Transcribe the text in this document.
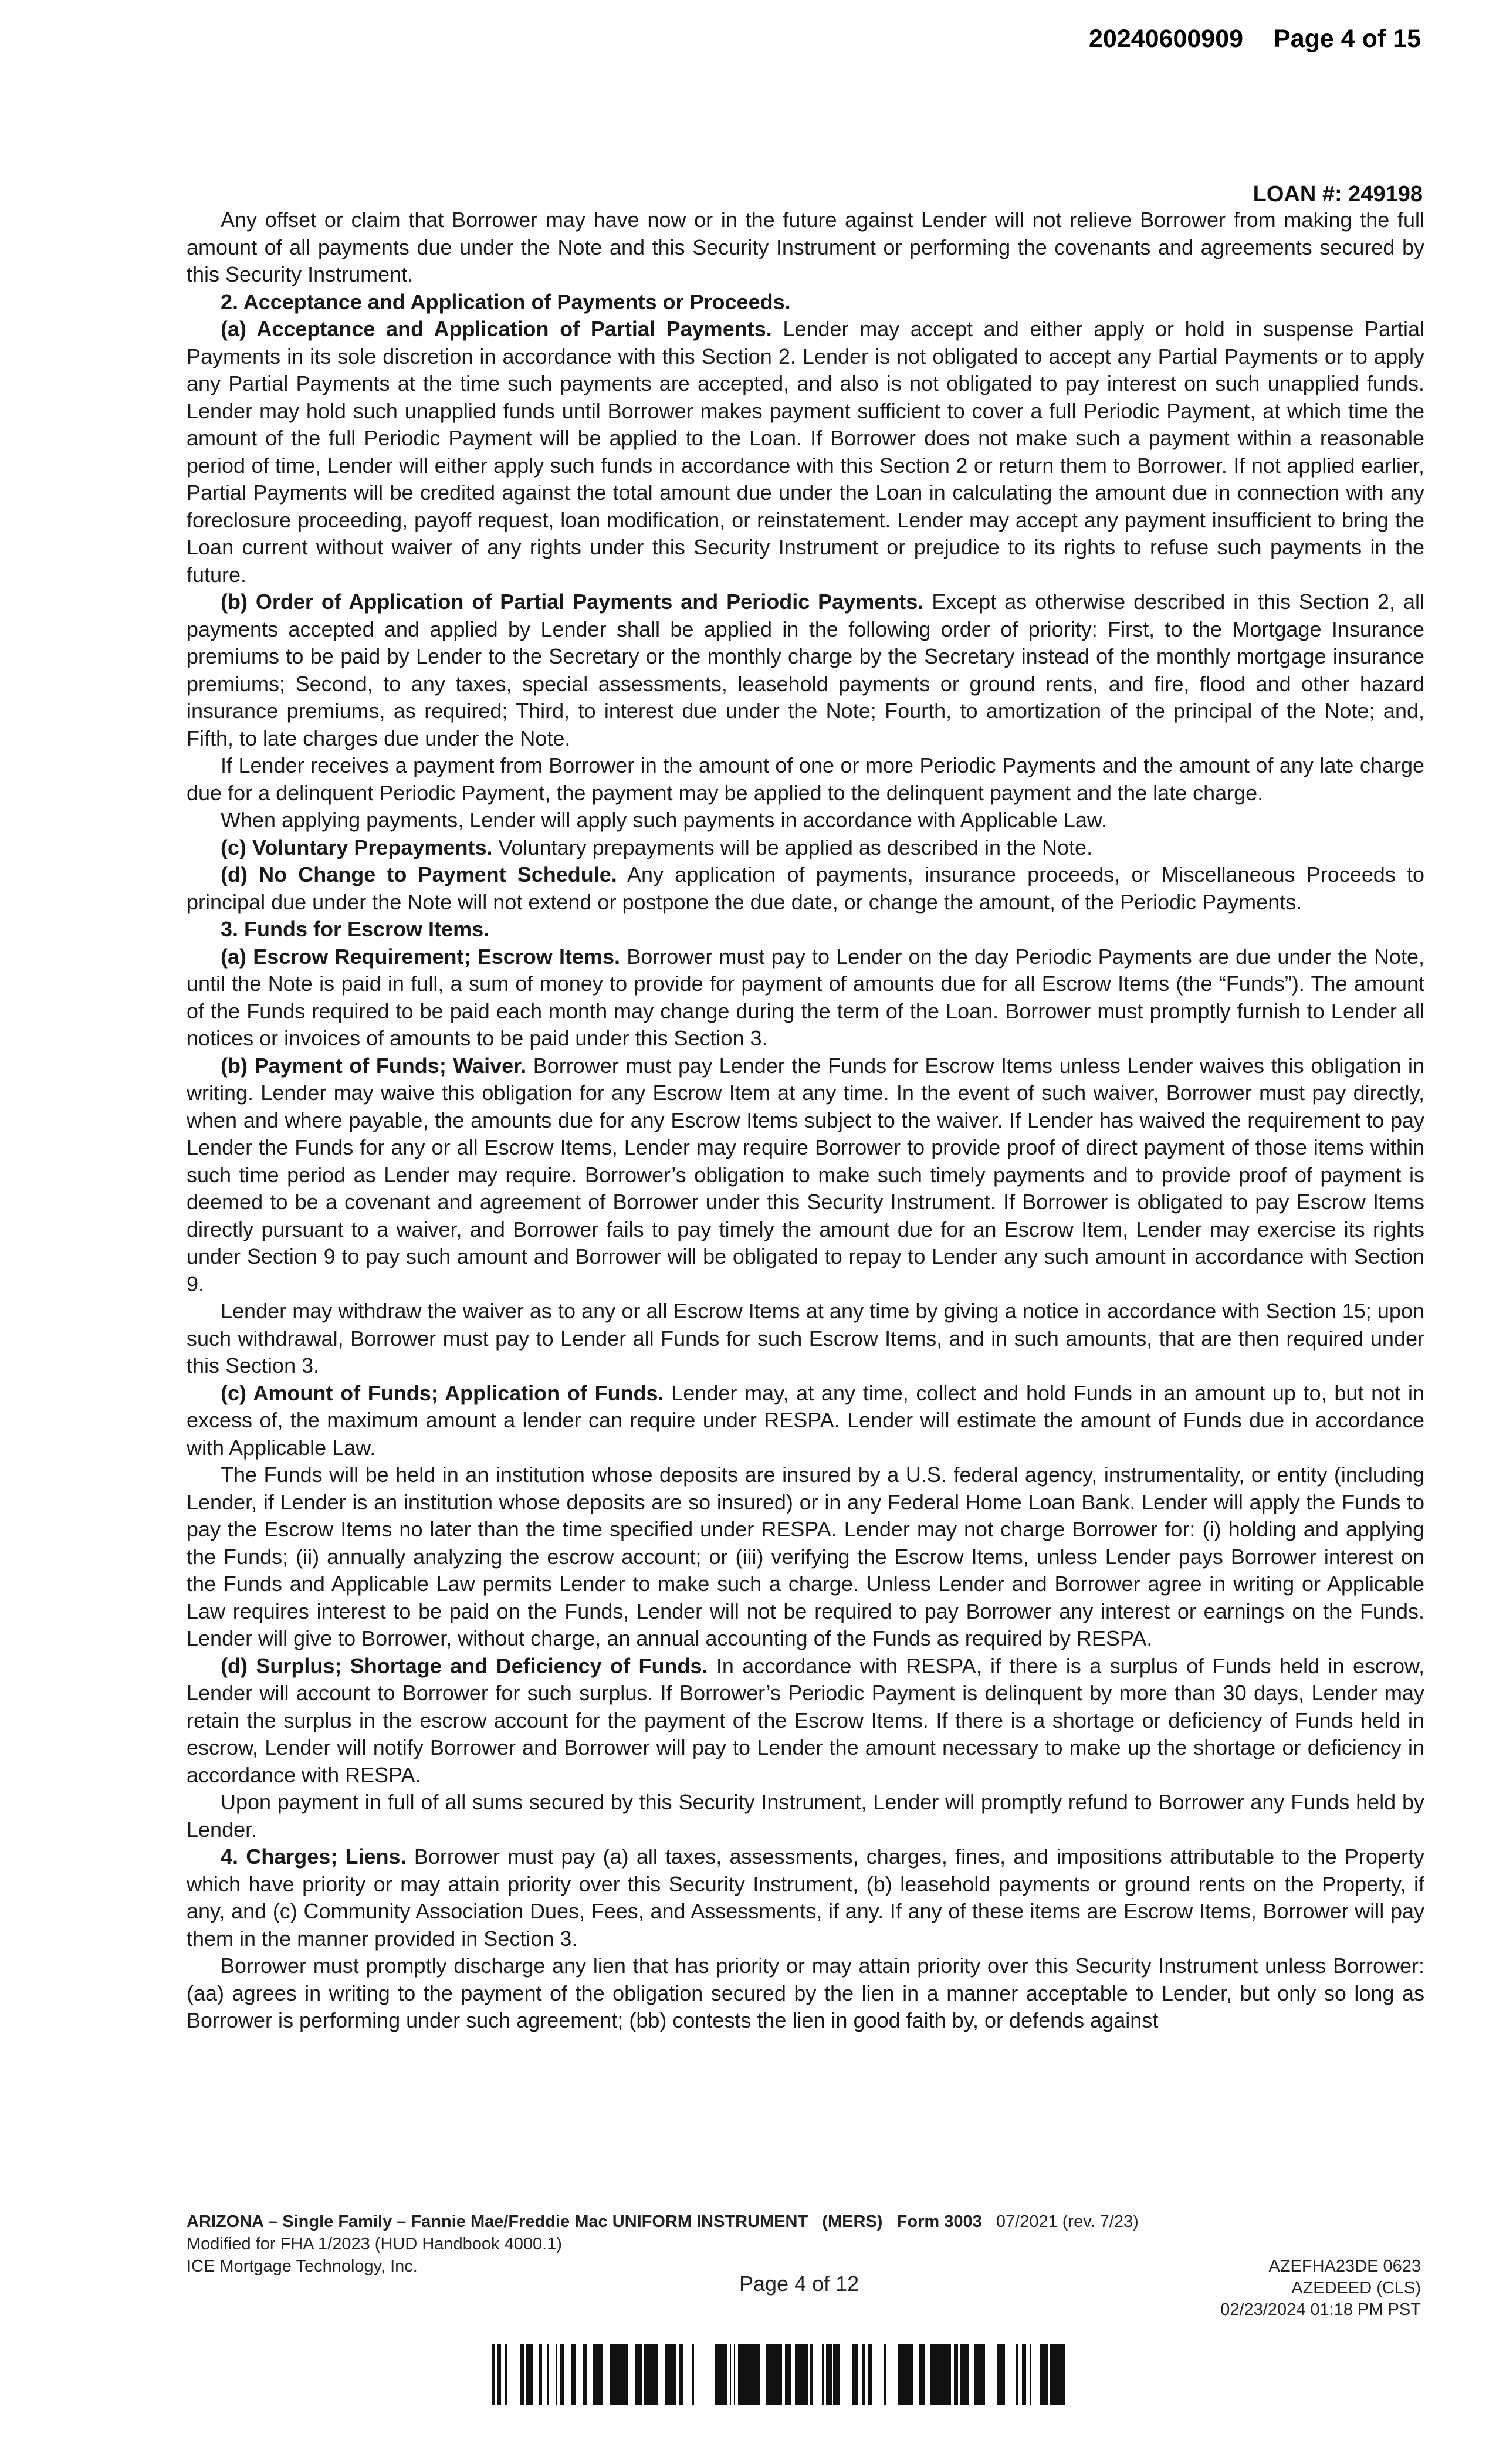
20240600909 Page 4 of 15
LOAN #: 249198

Any offset or claim that Borrower may have now or in the future against Lender will not relieve Borrower from making the full amount of all payments due under the Note and this Security Instrument or performing the covenants and agreements secured by this Security Instrument.

2. Acceptance and Application of Payments or Proceeds.

(a) Acceptance and Application of Partial Payments. Lender may accept and either apply or hold in suspense Partial Payments in its sole discretion in accordance with this Section 2. Lender is not obligated to accept any Partial Payments or to apply any Partial Payments at the time such payments are accepted, and also is not obligated to pay interest on such unapplied funds. Lender may hold such unapplied funds until Borrower makes payment sufficient to cover a full Periodic Payment, at which time the amount of the full Periodic Payment will be applied to the Loan. If Borrower does not make such a payment within a reasonable period of time, Lender will either apply such funds in accordance with this Section 2 or return them to Borrower. If not applied earlier, Partial Payments will be credited against the total amount due under the Loan in calculating the amount due in connection with any foreclosure proceeding, payoff request, loan modification, or reinstatement. Lender may accept any payment insufficient to bring the Loan current without waiver of any rights under this Security Instrument or prejudice to its rights to refuse such payments in the future.

(b) Order of Application of Partial Payments and Periodic Payments. Except as otherwise described in this Section 2, all payments accepted and applied by Lender shall be applied in the following order of priority: First, to the Mortgage Insurance premiums to be paid by Lender to the Secretary or the monthly charge by the Secretary instead of the monthly mortgage insurance premiums; Second, to any taxes, special assessments, leasehold payments or ground rents, and fire, flood and other hazard insurance premiums, as required; Third, to interest due under the Note; Fourth, to amortization of the principal of the Note; and, Fifth, to late charges due under the Note.

If Lender receives a payment from Borrower in the amount of one or more Periodic Payments and the amount of any late charge due for a delinquent Periodic Payment, the payment may be applied to the delinquent payment and the late charge.

When applying payments, Lender will apply such payments in accordance with Applicable Law.

(c) Voluntary Prepayments. Voluntary prepayments will be applied as described in the Note.

(d) No Change to Payment Schedule. Any application of payments, insurance proceeds, or Miscellaneous Proceeds to principal due under the Note will not extend or postpone the due date, or change the amount, of the Periodic Payments.

3. Funds for Escrow Items.

(a) Escrow Requirement; Escrow Items. Borrower must pay to Lender on the day Periodic Payments are due under the Note, until the Note is paid in full, a sum of money to provide for payment of amounts due for all Escrow Items (the “Funds”). The amount of the Funds required to be paid each month may change during the term of the Loan. Borrower must promptly furnish to Lender all notices or invoices of amounts to be paid under this Section 3.

(b) Payment of Funds; Waiver. Borrower must pay Lender the Funds for Escrow Items unless Lender waives this obligation in writing. Lender may waive this obligation for any Escrow Item at any time. In the event of such waiver, Borrower must pay directly, when and where payable, the amounts due for any Escrow Items subject to the waiver. If Lender has waived the requirement to pay Lender the Funds for any or all Escrow Items, Lender may require Borrower to provide proof of direct payment of those items within such time period as Lender may require. Borrower’s obligation to make such timely payments and to provide proof of payment is deemed to be a covenant and agreement of Borrower under this Security Instrument. If Borrower is obligated to pay Escrow Items directly pursuant to a waiver, and Borrower fails to pay timely the amount due for an Escrow Item, Lender may exercise its rights under Section 9 to pay such amount and Borrower will be obligated to repay to Lender any such amount in accordance with Section 9.

Lender may withdraw the waiver as to any or all Escrow Items at any time by giving a notice in accordance with Section 15; upon such withdrawal, Borrower must pay to Lender all Funds for such Escrow Items, and in such amounts, that are then required under this Section 3.

(c) Amount of Funds; Application of Funds. Lender may, at any time, collect and hold Funds in an amount up to, but not in excess of, the maximum amount a lender can require under RESPA. Lender will estimate the amount of Funds due in accordance with Applicable Law.

The Funds will be held in an institution whose deposits are insured by a U.S. federal agency, instrumentality, or entity (including Lender, if Lender is an institution whose deposits are so insured) or in any Federal Home Loan Bank. Lender will apply the Funds to pay the Escrow Items no later than the time specified under RESPA. Lender may not charge Borrower for: (i) holding and applying the Funds; (ii) annually analyzing the escrow account; or (iii) verifying the Escrow Items, unless Lender pays Borrower interest on the Funds and Applicable Law permits Lender to make such a charge. Unless Lender and Borrower agree in writing or Applicable Law requires interest to be paid on the Funds, Lender will not be required to pay Borrower any interest or earnings on the Funds. Lender will give to Borrower, without charge, an annual accounting of the Funds as required by RESPA.

(d) Surplus; Shortage and Deficiency of Funds. In accordance with RESPA, if there is a surplus of Funds held in escrow, Lender will account to Borrower for such surplus. If Borrower’s Periodic Payment is delinquent by more than 30 days, Lender may retain the surplus in the escrow account for the payment of the Escrow Items. If there is a shortage or deficiency of Funds held in escrow, Lender will notify Borrower and Borrower will pay to Lender the amount necessary to make up the shortage or deficiency in accordance with RESPA.

Upon payment in full of all sums secured by this Security Instrument, Lender will promptly refund to Borrower any Funds held by Lender.

4. Charges; Liens. Borrower must pay (a) all taxes, assessments, charges, fines, and impositions attributable to the Property which have priority or may attain priority over this Security Instrument, (b) leasehold payments or ground rents on the Property, if any, and (c) Community Association Dues, Fees, and Assessments, if any. If any of these items are Escrow Items, Borrower will pay them in the manner provided in Section 3.

Borrower must promptly discharge any lien that has priority or may attain priority over this Security Instrument unless Borrower: (aa) agrees in writing to the payment of the obligation secured by the lien in a manner acceptable to Lender, but only so long as Borrower is performing under such agreement; (bb) contests the lien in good faith by, or defends against

ARIZONA – Single Family – Fannie Mae/Freddie Mac UNIFORM INSTRUMENT (MERS) Form 3003 07/2021 (rev. 7/23)
Modified for FHA 1/2023 (HUD Handbook 4000.1)
ICE Mortgage Technology, Inc.
Page 4 of 12
AZEFHA23DE 0623
AZEDEED (CLS)
02/23/2024 01:18 PM PST
